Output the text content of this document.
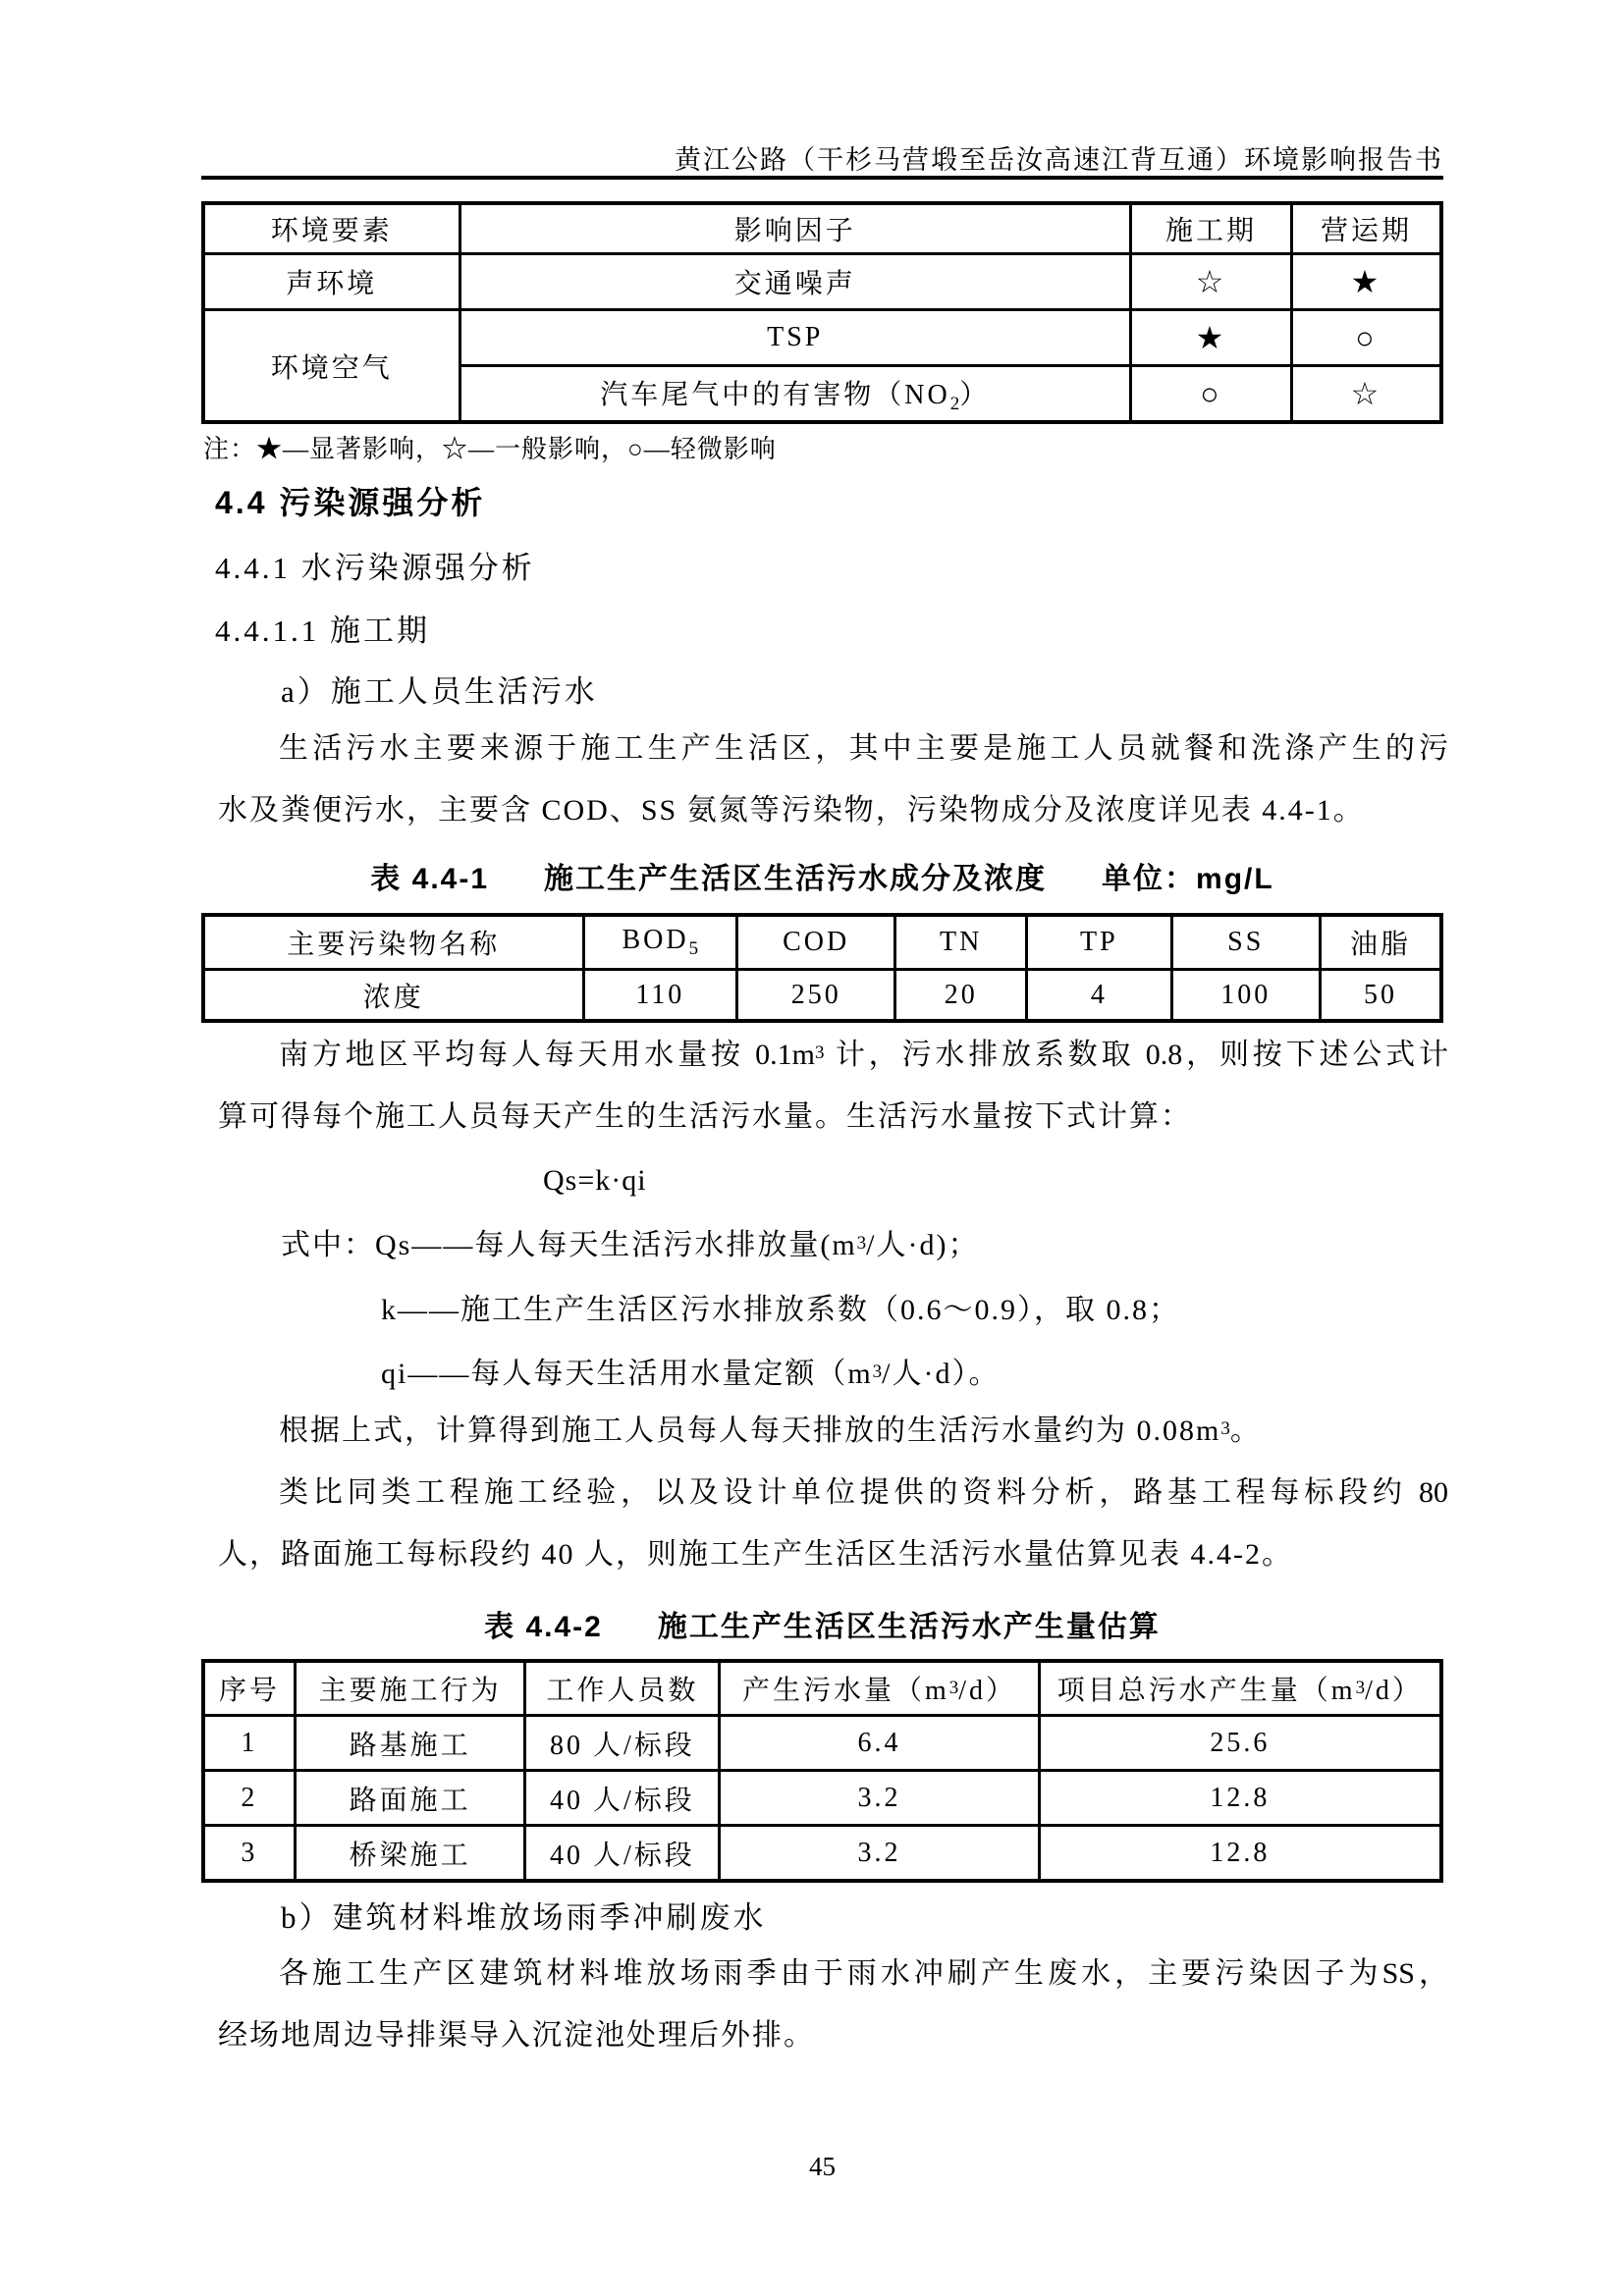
黄江公路（干杉马营塅至岳汝高速江背互通）环境影响报告书
环境要素	影响因子	施工期	营运期
声环境	交通噪声	☆	★
环境空气	TSP	★	○
	汽车尾气中的有害物$(NO_2)$	○	☆
注：★—显著影响，☆—一般影响，○—轻微影响
4.4 污染源强分析
4.4.1 水污染源强分析
4.4.1.1 施工期
a）施工人员生活污水
生活污水主要来源于施工生产生活区，其中主要是施工人员就餐和洗涤产生的污
水及粪便污水，主要含 COD、SS 氨氮等污染物，污染物成分及浓度详见表 4.4-1。
表 4.4-1 施工生产生活区生活污水成分及浓度 单位：mg/L
主要污染物名称	$BOD_5$	COD	TN	TP	SS	油脂
浓度	110	250	20	4	100	50
南方地区平均每人每天用水量按 $0.1m^3$ 计，污水排放系数取 0.8，则按下述公式计
算可得每个施工人员每天产生的生活污水量。生活污水量按下式计算：
Qs=k·qi
式中：Qs——每人每天生活污水排放量($m^3/$人·d)；
k——施工生产生活区污水排放系数（0.6～0.9），取 0.8；
qi——每人每天生活用水量定额（$m^3/$人·d）。
根据上式，计算得到施工人员每人每天排放的生活污水量约为 $0.08m^3$。
类比同类工程施工经验，以及设计单位提供的资料分析，路基工程每标段约 80
人，路面施工每标段约 40 人，则施工生产生活区生活污水量估算见表 4.4-2。
表 4.4-2 施工生产生活区生活污水产生量估算
序号	主要施工行为	工作人员数	产生污水量$(m^3/d)$	项目总污水产生量$(m^3/d)$
1	路基施工	80 人/标段	6.4	25.6
2	路面施工	40 人/标段	3.2	12.8
3	桥梁施工	40 人/标段	3.2	12.8
b）建筑材料堆放场雨季冲刷废水
各施工生产区建筑材料堆放场雨季由于雨水冲刷产生废水，主要污染因子为SS，
经场地周边导排渠导入沉淀池处理后外排。
45
